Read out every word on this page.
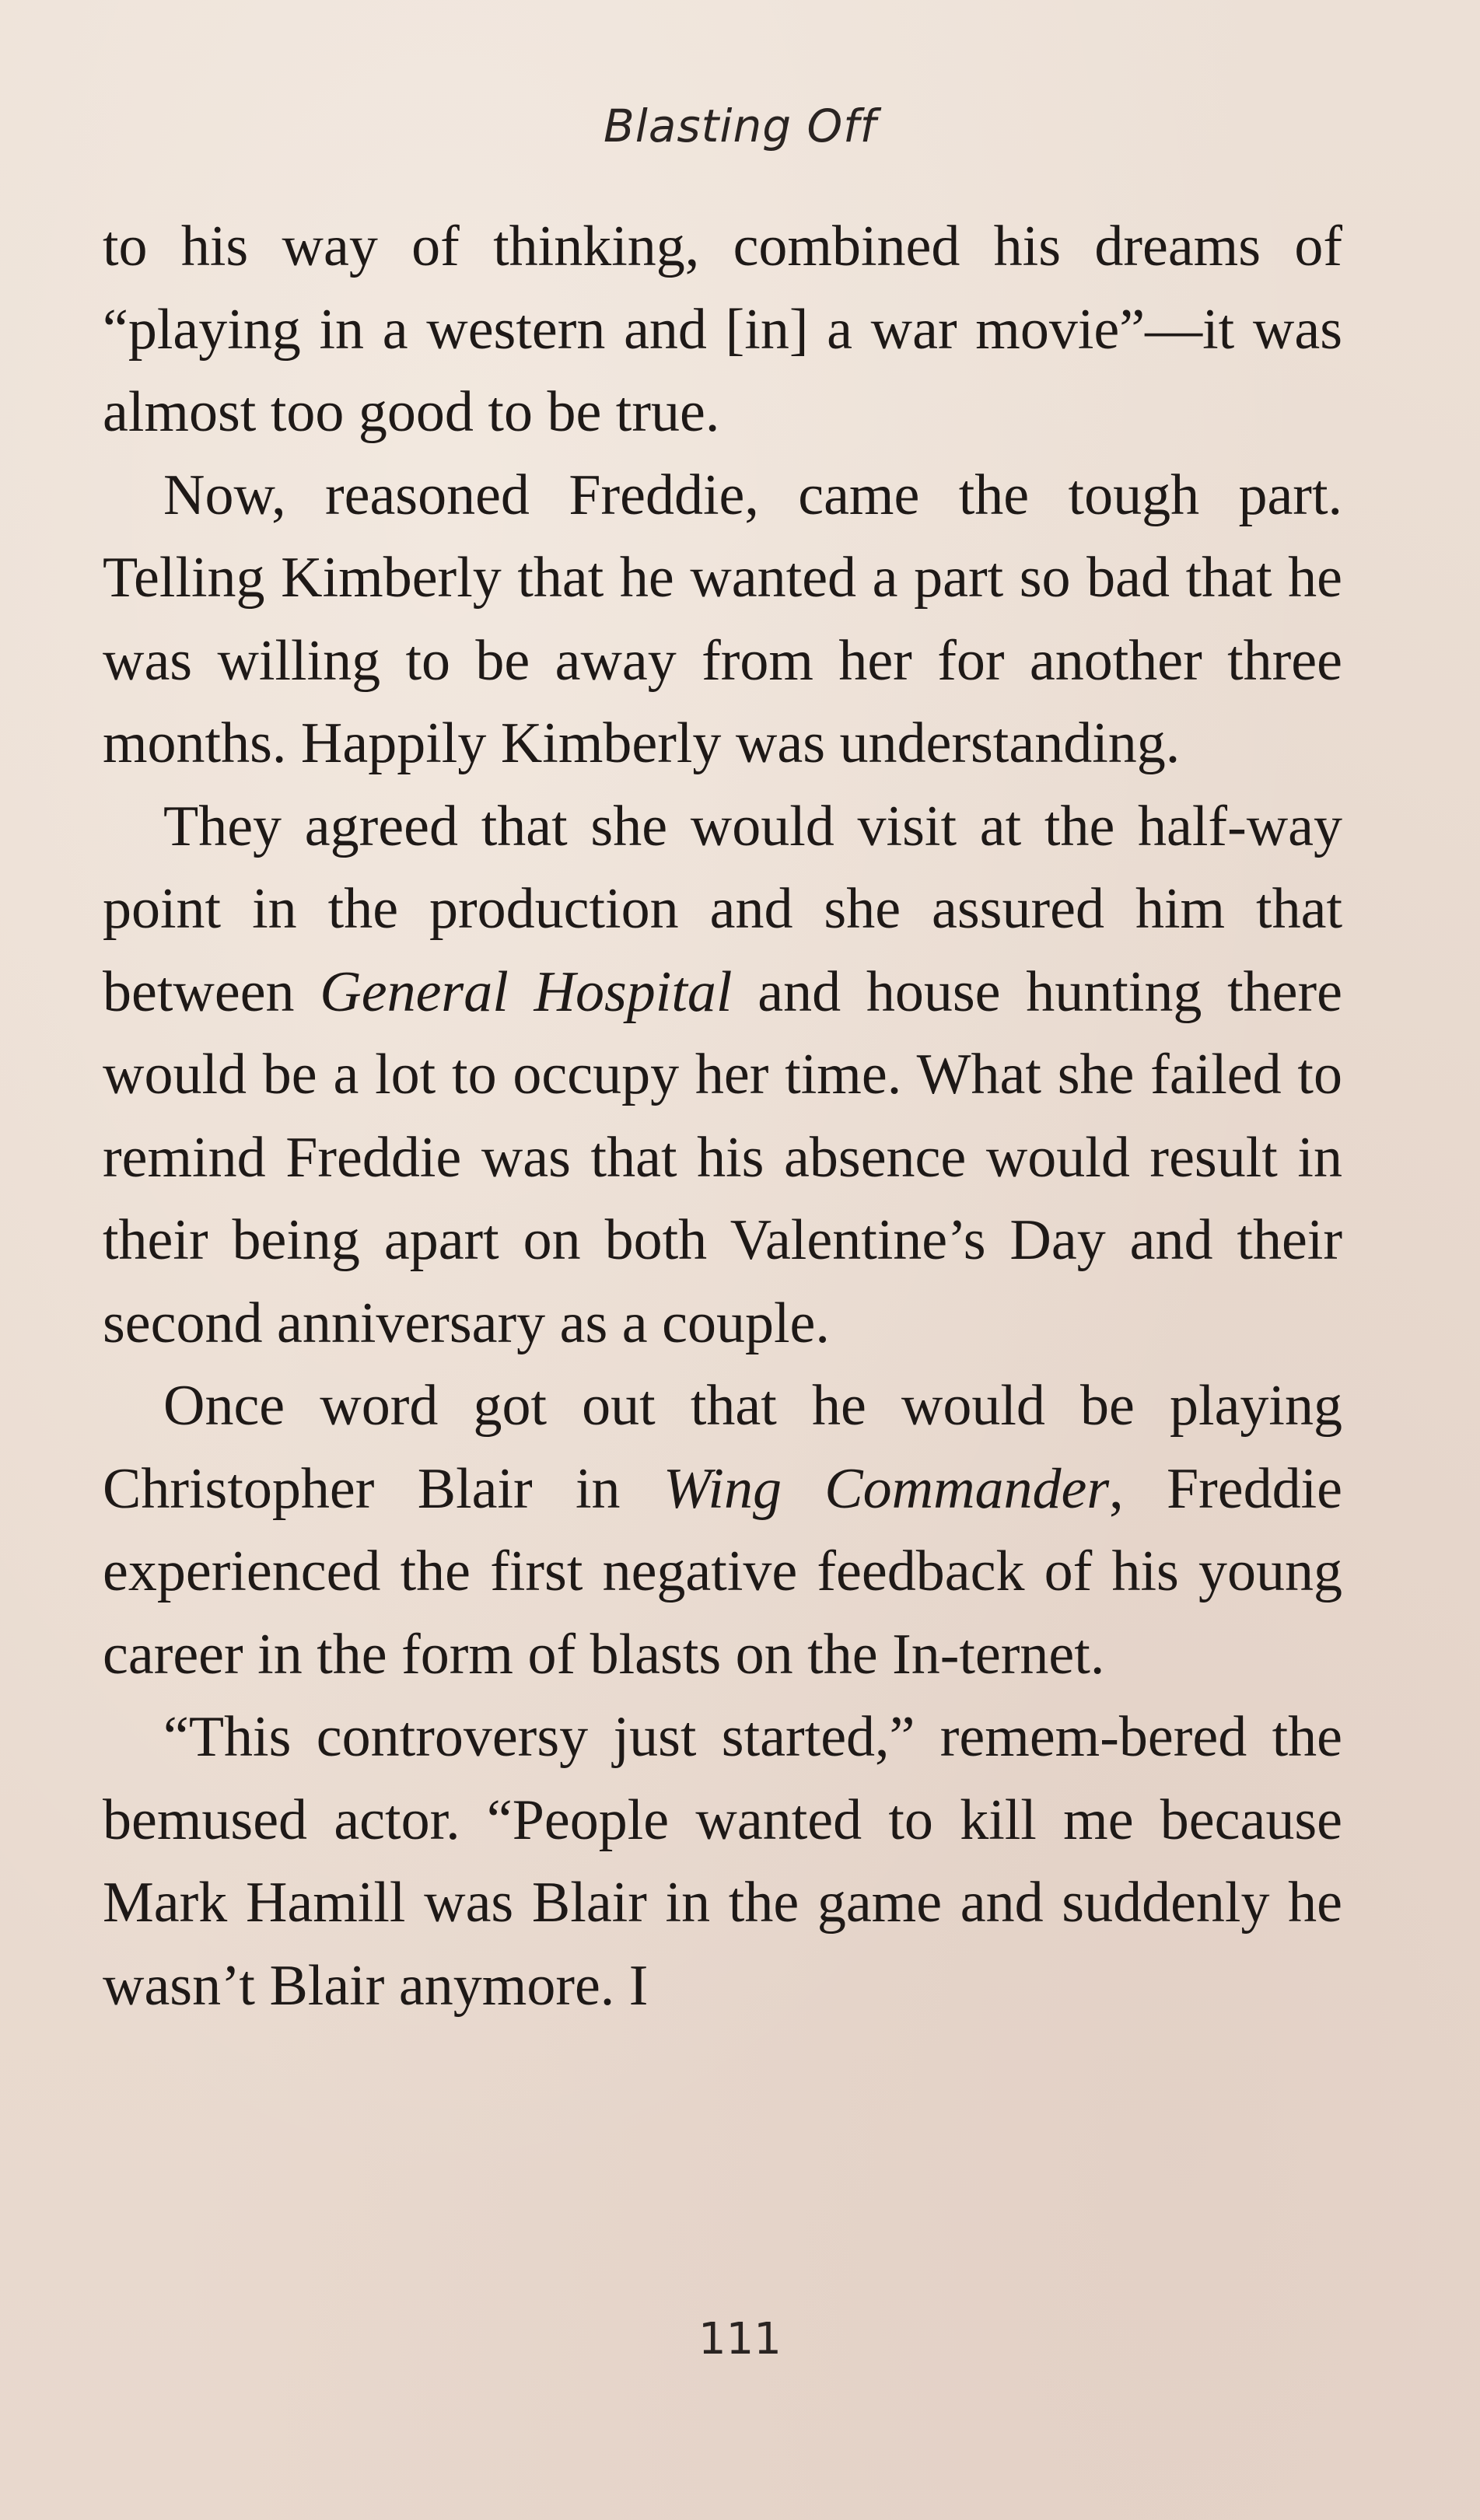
Blasting Off

to his way of thinking, combined his dreams of “playing in a western and [in] a war movie”—it was almost too good to be true.

Now, reasoned Freddie, came the tough part. Telling Kimberly that he wanted a part so bad that he was willing to be away from her for another three months. Happily Kimberly was understanding.

They agreed that she would visit at the half-way point in the production and she assured him that between General Hospital and house hunting there would be a lot to occupy her time. What she failed to remind Freddie was that his absence would result in their being apart on both Valentine’s Day and their second anniversary as a couple.

Once word got out that he would be playing Christopher Blair in Wing Commander, Freddie experienced the first negative feedback of his young career in the form of blasts on the In-ternet.

“This controversy just started,” remem-bered the bemused actor. “People wanted to kill me because Mark Hamill was Blair in the game and suddenly he wasn’t Blair anymore. I

111
